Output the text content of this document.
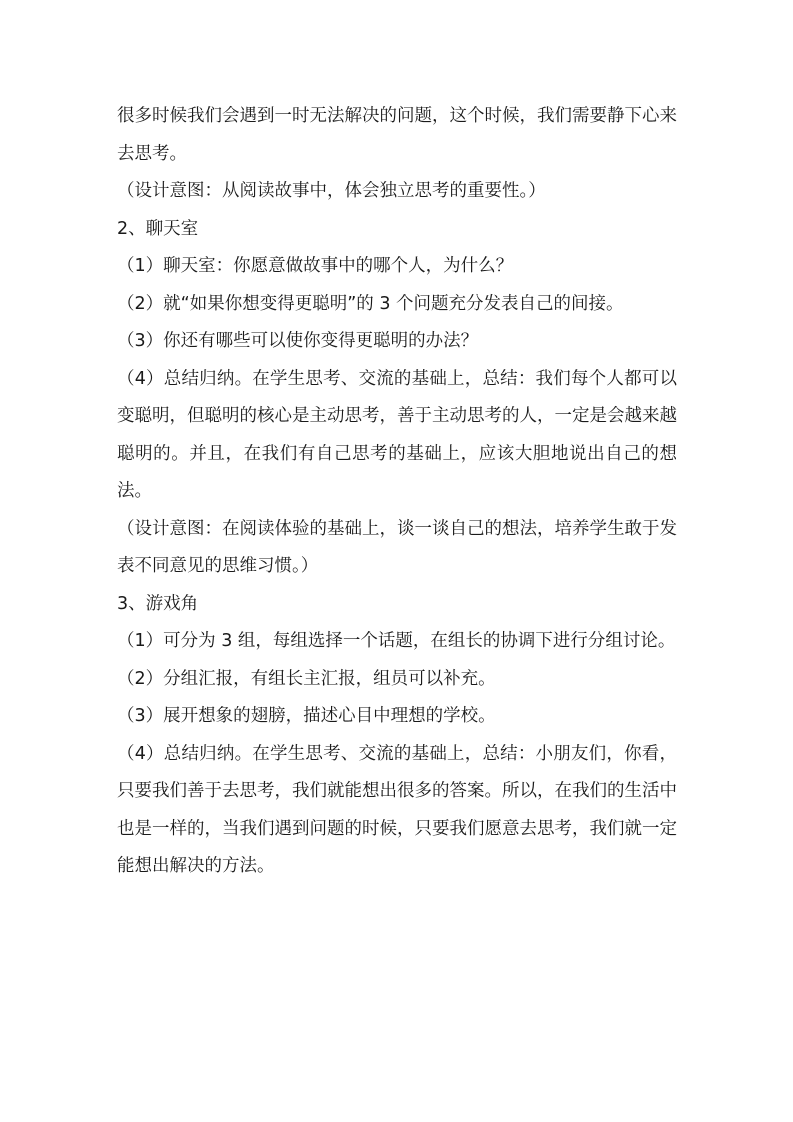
很多时候我们会遇到一时无法解决的问题，这个时候，我们需要静下心来去思考。

（设计意图：从阅读故事中，体会独立思考的重要性。）

2、聊天室

（1）聊天室：你愿意做故事中的哪个人，为什么？

（2）就“如果你想变得更聪明”的 3 个问题充分发表自己的间接。

（3）你还有哪些可以使你变得更聪明的办法？

（4）总结归纳。在学生思考、交流的基础上，总结：我们每个人都可以变聪明，但聪明的核心是主动思考，善于主动思考的人，一定是会越来越聪明的。并且，在我们有自己思考的基础上，应该大胆地说出自己的想法。

（设计意图：在阅读体验的基础上，谈一谈自己的想法，培养学生敢于发表不同意见的思维习惯。）

3、游戏角

（1）可分为 3 组，每组选择一个话题，在组长的协调下进行分组讨论。

（2）分组汇报，有组长主汇报，组员可以补充。

（3）展开想象的翅膀，描述心目中理想的学校。

（4）总结归纳。在学生思考、交流的基础上，总结：小朋友们，你看，只要我们善于去思考，我们就能想出很多的答案。所以，在我们的生活中也是一样的，当我们遇到问题的时候，只要我们愿意去思考，我们就一定能想出解决的方法。
